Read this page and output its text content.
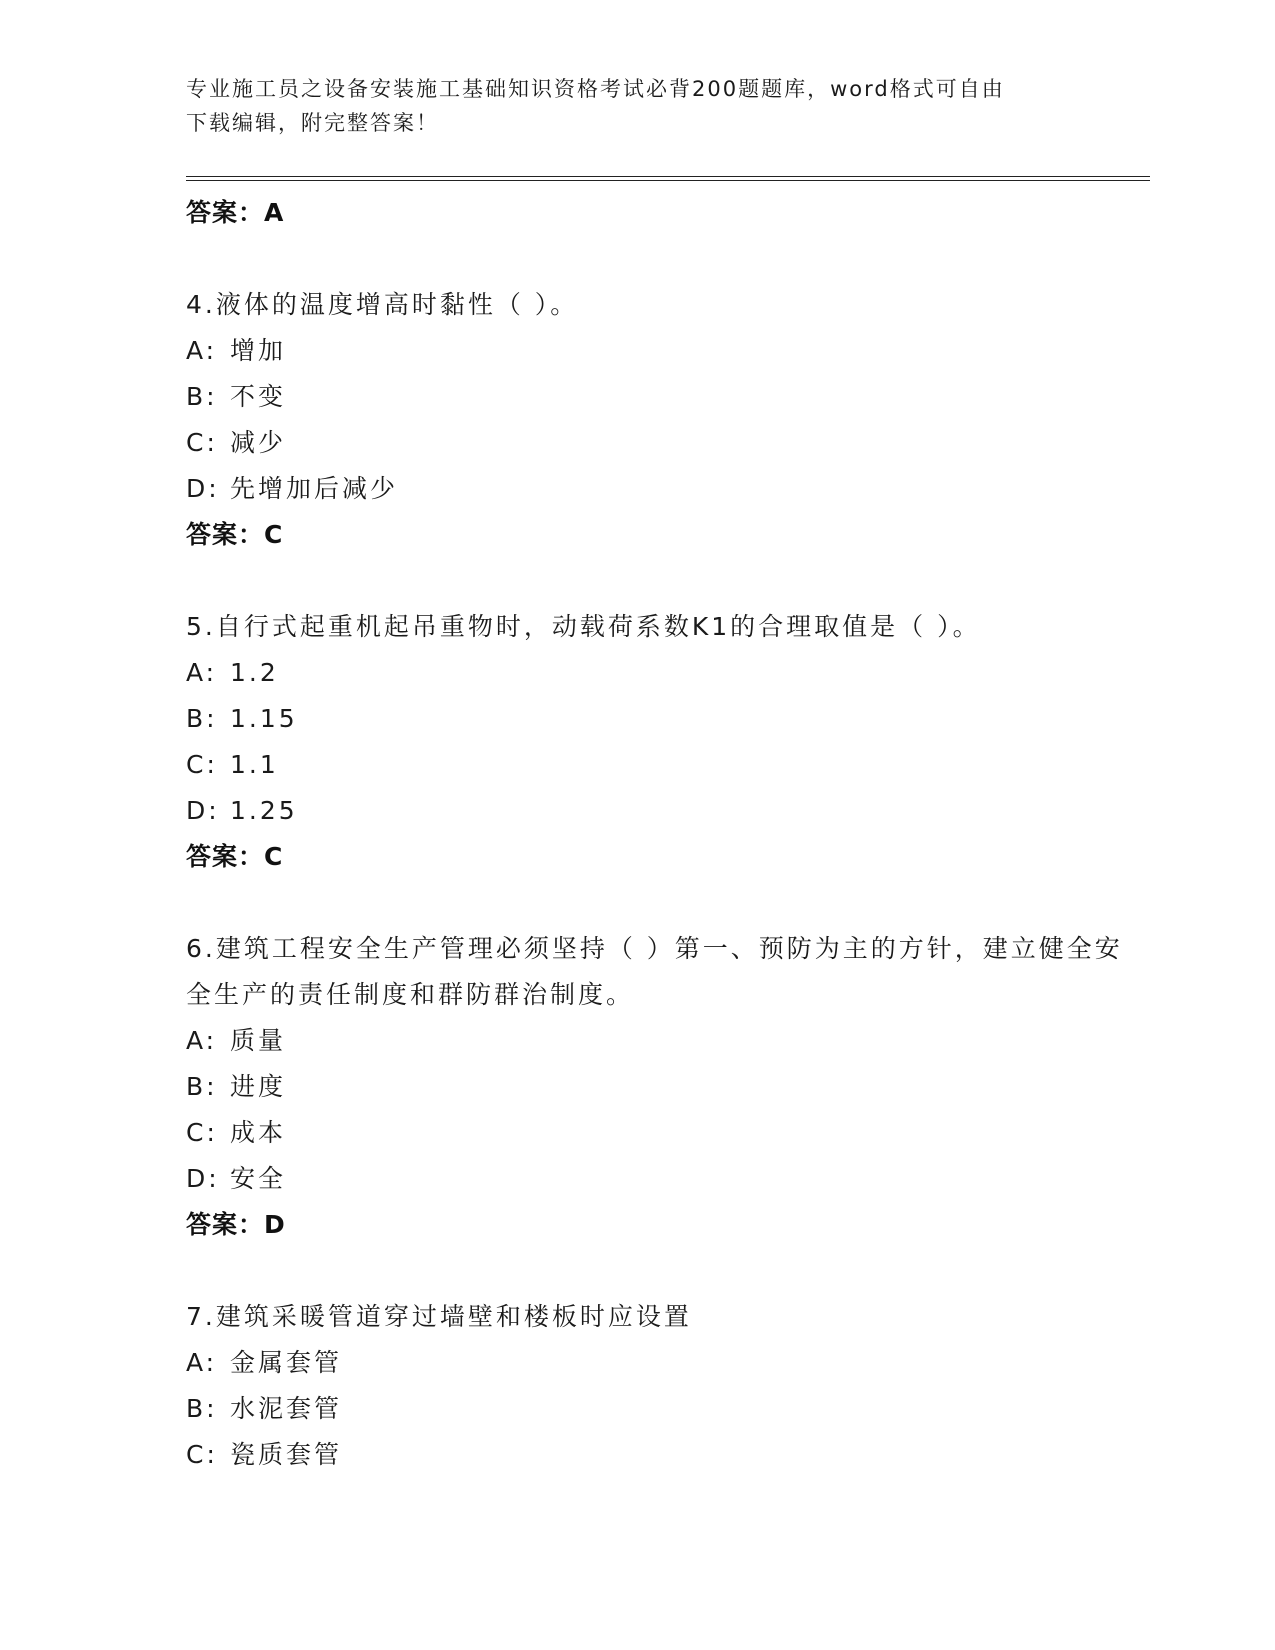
专业施工员之设备安装施工基础知识资格考试必背200题题库，word格式可自由
下载编辑，附完整答案！
答案：A
4.液体的温度增高时黏性（ ）。
A: 增加
B: 不变
C: 减少
D: 先增加后减少
答案：C
5.自行式起重机起吊重物时，动载荷系数K1的合理取值是（ ）。
A: 1.2
B: 1.15
C: 1.1
D: 1.25
答案：C
6.建筑工程安全生产管理必须坚持（ ）第一、预防为主的方针，建立健全安全生产的责任制度和群防群治制度。
A: 质量
B: 进度
C: 成本
D: 安全
答案：D
7.建筑采暖管道穿过墙壁和楼板时应设置
A: 金属套管
B: 水泥套管
C: 瓷质套管
